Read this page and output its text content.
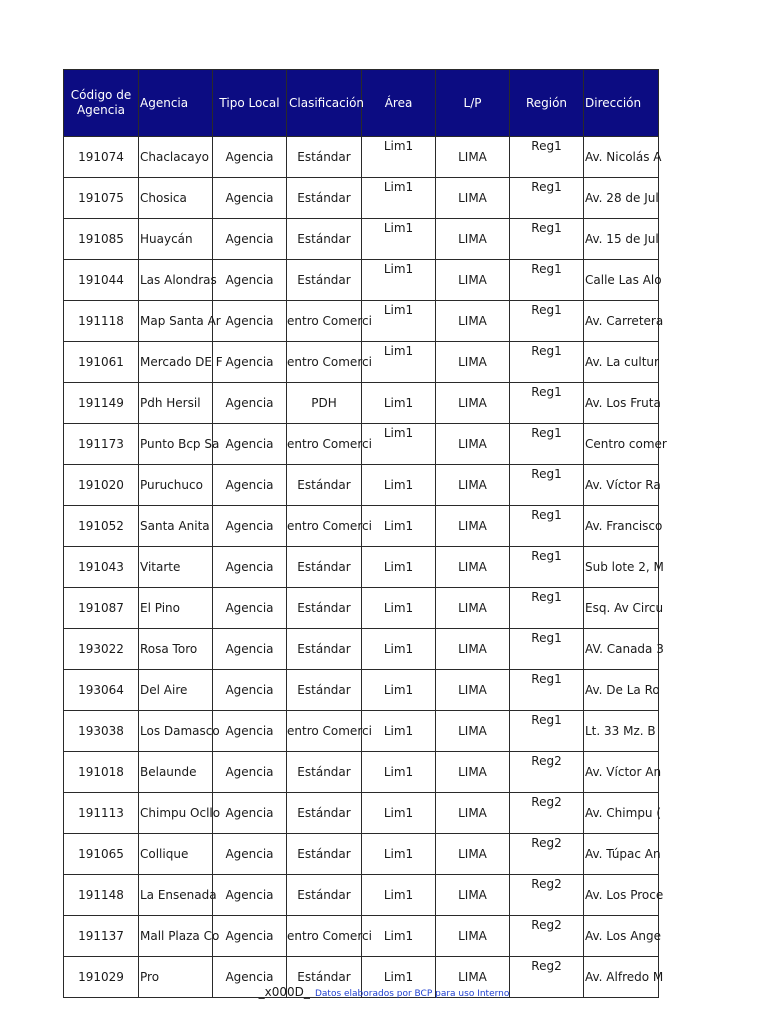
Código de Agencia	Agencia	Tipo Local	Clasificación	Área	L/P	Región	Dirección
191074	Chaclacayo	Agencia	Estándar	Lim1	LIMA	Reg1	Av. Nicolás A
191075	Chosica	Agencia	Estándar	Lim1	LIMA	Reg1	Av. 28 de Jul
191085	Huaycán	Agencia	Estándar	Lim1	LIMA	Reg1	Av. 15 de Jul
191044	Las Alondras	Agencia	Estándar	Lim1	LIMA	Reg1	Calle Las Alo
191118	Map Santa Ar	Agencia	entro Comerci	Lim1	LIMA	Reg1	Av. Carretera
191061	Mercado DE F	Agencia	entro Comerci	Lim1	LIMA	Reg1	Av. La cultur
191149	Pdh Hersil	Agencia	PDH	Lim1	LIMA	Reg1	Av. Los Fruta
191173	Punto Bcp Sa	Agencia	entro Comerci	Lim1	LIMA	Reg1	Centro comer
191020	Puruchuco	Agencia	Estándar	Lim1	LIMA	Reg1	Av. Víctor Ra
191052	Santa Anita	Agencia	entro Comerci	Lim1	LIMA	Reg1	Av. Francisco
191043	Vitarte	Agencia	Estándar	Lim1	LIMA	Reg1	Sub lote 2, M
191087	El Pino	Agencia	Estándar	Lim1	LIMA	Reg1	Esq. Av Circu
193022	Rosa Toro	Agencia	Estándar	Lim1	LIMA	Reg1	AV. Canada 3
193064	Del Aire	Agencia	Estándar	Lim1	LIMA	Reg1	Av. De La Ro
193038	Los Damasco	Agencia	entro Comerci	Lim1	LIMA	Reg1	Lt. 33 Mz. B
191018	Belaunde	Agencia	Estándar	Lim1	LIMA	Reg2	Av. Víctor An
191113	Chimpu Ocllo	Agencia	Estándar	Lim1	LIMA	Reg2	Av. Chimpu (
191065	Collique	Agencia	Estándar	Lim1	LIMA	Reg2	Av. Túpac An
191148	La Ensenada	Agencia	Estándar	Lim1	LIMA	Reg2	Av. Los Proce
191137	Mall Plaza Co	Agencia	entro Comerci	Lim1	LIMA	Reg2	Av. Los Ange
191029	Pro	Agencia	Estándar	Lim1	LIMA	Reg2	Av. Alfredo M
_x000D_ Datos elaborados por BCP para uso Interno
